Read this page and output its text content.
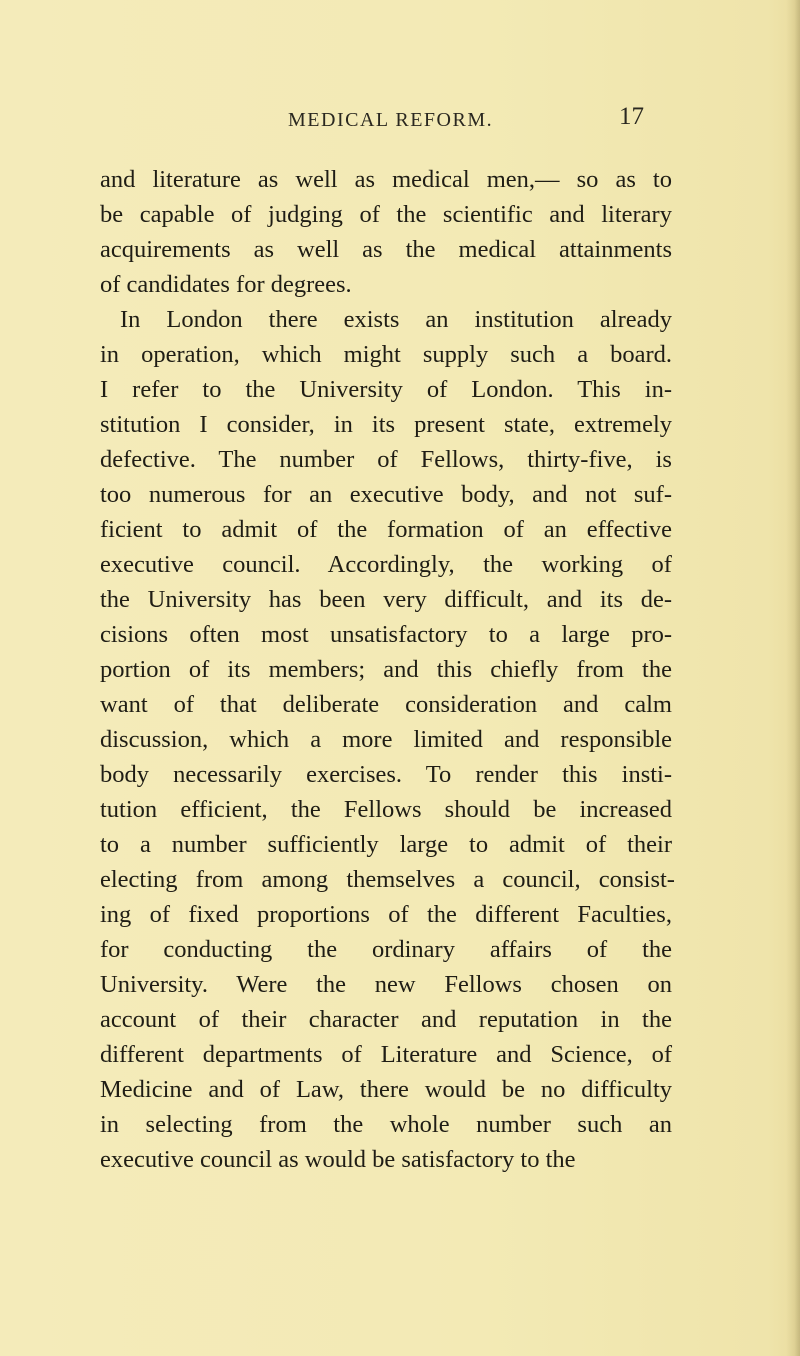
MEDICAL REFORM.	17
and literature as well as medical men,— so as to
be capable of judging of the scientific and literary
acquirements as well as the medical attainments
of candidates for degrees.
In London there exists an institution already
in operation, which might supply such a board.
I refer to the University of London. This in-
stitution I consider, in its present state, extremely
defective. The number of Fellows, thirty-five, is
too numerous for an executive body, and not suf-
ficient to admit of the formation of an effective
executive council. Accordingly, the working of
the University has been very difficult, and its de-
cisions often most unsatisfactory to a large pro-
portion of its members; and this chiefly from the
want of that deliberate consideration and calm
discussion, which a more limited and responsible
body necessarily exercises. To render this insti-
tution efficient, the Fellows should be increased
to a number sufficiently large to admit of their
electing from among themselves a council, consist-
ing of fixed proportions of the different Faculties,
for conducting the ordinary affairs of the
University. Were the new Fellows chosen on
account of their character and reputation in the
different departments of Literature and Science, of
Medicine and of Law, there would be no difficulty
in selecting from the whole number such an
executive council as would be satisfactory to the
